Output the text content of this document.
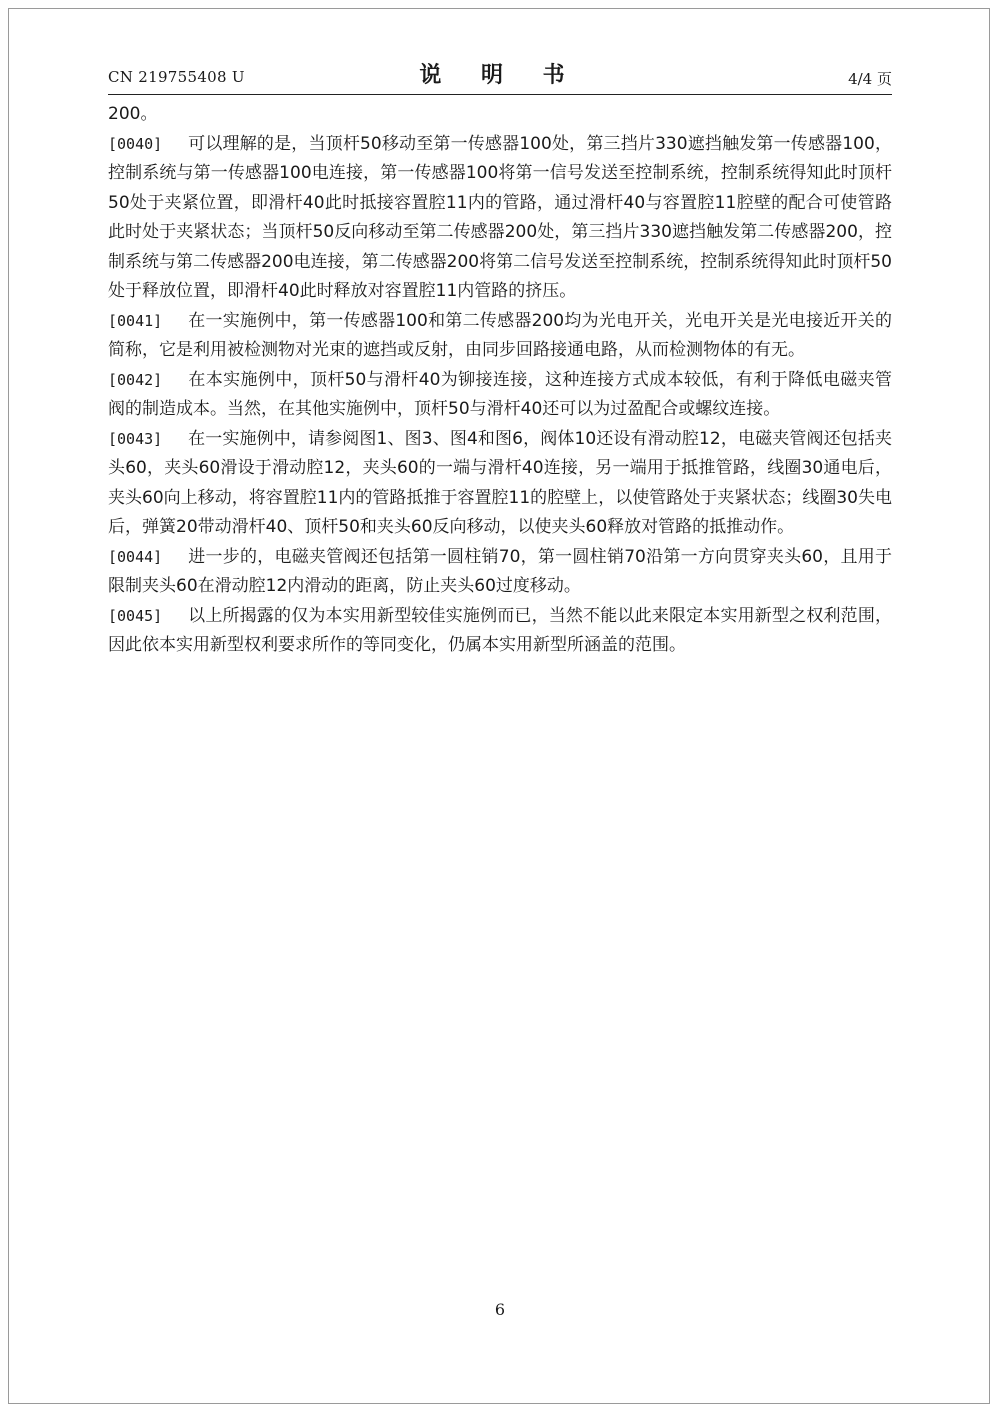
CN 219755408 U	说 明 书	4/4 页

200。

[0040] 可以理解的是，当顶杆50移动至第一传感器100处，第三挡片330遮挡触发第一传感器100，控制系统与第一传感器100电连接，第一传感器100将第一信号发送至控制系统，控制系统得知此时顶杆50处于夹紧位置，即滑杆40此时抵接容置腔11内的管路，通过滑杆40与容置腔11腔壁的配合可使管路此时处于夹紧状态；当顶杆50反向移动至第二传感器200处，第三挡片330遮挡触发第二传感器200，控制系统与第二传感器200电连接，第二传感器200将第二信号发送至控制系统，控制系统得知此时顶杆50处于释放位置，即滑杆40此时释放对容置腔11内管路的挤压。

[0041] 在一实施例中，第一传感器100和第二传感器200均为光电开关，光电开关是光电接近开关的简称，它是利用被检测物对光束的遮挡或反射，由同步回路接通电路，从而检测物体的有无。

[0042] 在本实施例中，顶杆50与滑杆40为铆接连接，这种连接方式成本较低，有利于降低电磁夹管阀的制造成本。当然，在其他实施例中，顶杆50与滑杆40还可以为过盈配合或螺纹连接。

[0043] 在一实施例中，请参阅图1、图3、图4和图6，阀体10还设有滑动腔12，电磁夹管阀还包括夹头60，夹头60滑设于滑动腔12，夹头60的一端与滑杆40连接，另一端用于抵推管路，线圈30通电后，夹头60向上移动，将容置腔11内的管路抵推于容置腔11的腔壁上，以使管路处于夹紧状态；线圈30失电后，弹簧20带动滑杆40、顶杆50和夹头60反向移动，以使夹头60释放对管路的抵推动作。

[0044] 进一步的，电磁夹管阀还包括第一圆柱销70，第一圆柱销70沿第一方向贯穿夹头60，且用于限制夹头60在滑动腔12内滑动的距离，防止夹头60过度移动。

[0045] 以上所揭露的仅为本实用新型较佳实施例而已，当然不能以此来限定本实用新型之权利范围，因此依本实用新型权利要求所作的等同变化，仍属本实用新型所涵盖的范围。

6
